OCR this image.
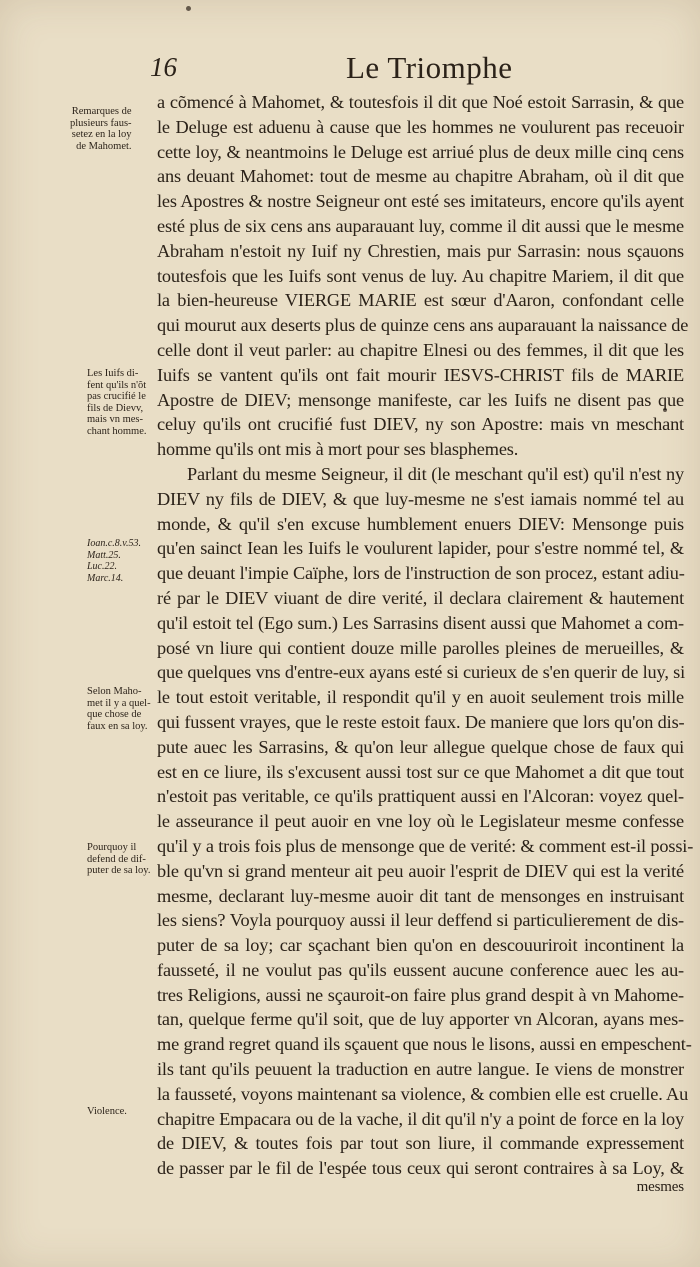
16	Le Triomphe
Remarques de
plusieurs faus-
setez en la loy
de Mahomet.
Les Iuifs di-
fent qu'ils n'õt
pas crucifié le
fils de Dievv,
mais vn mes-
chant homme.
Ioan.c.8.v.53.
Matt.25.
Luc.22.
Marc.14.
Selon Maho-
met il y a quel-
que chose de
faux en sa loy.
Pourquoy il
defend de dif-
puter de sa loy.
Violence.
a cõmencé à Mahomet, & toutesfois il dit que Noé estoit Sarrasin, & que
le Deluge est aduenu à cause que les hommes ne voulurent pas receuoir
cette loy, & neantmoins le Deluge est arriué plus de deux mille cinq cens
ans deuant Mahomet: tout de mesme au chapitre Abraham, où il dit que
les Apostres & nostre Seigneur ont esté ses imitateurs, encore qu'ils ayent
esté plus de six cens ans auparauant luy, comme il dit aussi que le mesme
Abraham n'estoit ny Iuif ny Chrestien, mais pur Sarrasin: nous sçauons
toutesfois que les Iuifs sont venus de luy. Au chapitre Mariem, il dit que
la bien-heureuse VIERGE MARIE est sœur d'Aaron, confondant celle
qui mourut aux deserts plus de quinze cens ans auparauant la naissance de
celle dont il veut parler: au chapitre Elnesi ou des femmes, il dit que les
Iuifs se vantent qu'ils ont fait mourir IESVS-CHRIST fils de MARIE
Apostre de DIEV; mensonge manifeste, car les Iuifs ne disent pas que
celuy qu'ils ont crucifié fust DIEV, ny son Apostre: mais vn meschant
homme qu'ils ont mis à mort pour ses blasphemes.
Parlant du mesme Seigneur, il dit (le meschant qu'il est) qu'il n'est ny
DIEV ny fils de DIEV, & que luy-mesme ne s'est iamais nommé tel au
monde, & qu'il s'en excuse humblement enuers DIEV: Mensonge puis
qu'en sainct Iean les Iuifs le voulurent lapider, pour s'estre nommé tel, &
que deuant l'impie Caïphe, lors de l'instruction de son procez, estant adiu-
ré par le DIEV viuant de dire verité, il declara clairement & hautement
qu'il estoit tel (Ego sum.) Les Sarrasins disent aussi que Mahomet a com-
posé vn liure qui contient douze mille parolles pleines de merueilles, &
que quelques vns d'entre-eux ayans esté si curieux de s'en querir de luy, si
le tout estoit veritable, il respondit qu'il y en auoit seulement trois mille
qui fussent vrayes, que le reste estoit faux. De maniere que lors qu'on dis-
pute auec les Sarrasins, & qu'on leur allegue quelque chose de faux qui
est en ce liure, ils s'excusent aussi tost sur ce que Mahomet a dit que tout
n'estoit pas veritable, ce qu'ils prattiquent aussi en l'Alcoran: voyez quel-
le asseurance il peut auoir en vne loy où le Legislateur mesme confesse
qu'il y a trois fois plus de mensonge que de verité: & comment est-il possi-
ble qu'vn si grand menteur ait peu auoir l'esprit de DIEV qui est la verité
mesme, declarant luy-mesme auoir dit tant de mensonges en instruisant
les siens? Voyla pourquoy aussi il leur deffend si particulierement de dis-
puter de sa loy; car sçachant bien qu'on en descouuriroit incontinent la
fausseté, il ne voulut pas qu'ils eussent aucune conference auec les au-
tres Religions, aussi ne sçauroit-on faire plus grand despit à vn Mahome-
tan, quelque ferme qu'il soit, que de luy apporter vn Alcoran, ayans mes-
me grand regret quand ils sçauent que nous le lisons, aussi en empeschent-
ils tant qu'ils peuuent la traduction en autre langue. Ie viens de monstrer
la fausseté, voyons maintenant sa violence, & combien elle est cruelle. Au
chapitre Empacara ou de la vache, il dit qu'il n'y a point de force en la loy
de DIEV, & toutes fois par tout son liure, il commande expressement
de passer par le fil de l'espée tous ceux qui seront contraires à sa Loy, &
mesmes
